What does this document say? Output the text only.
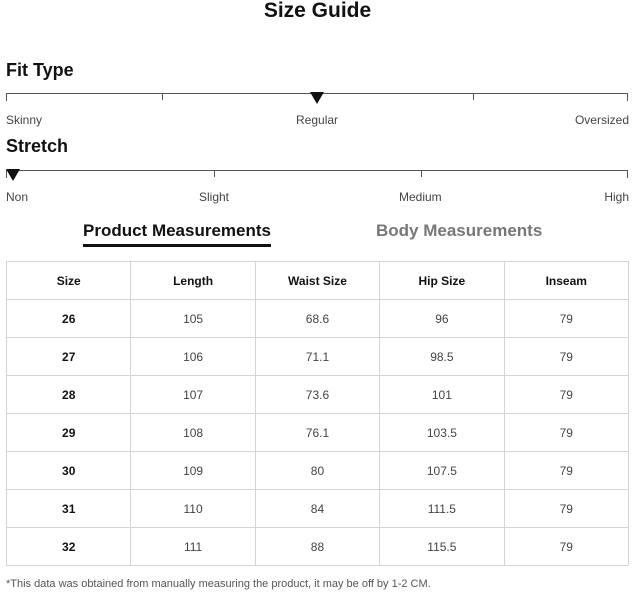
Size Guide
Fit Type
Skinny	Regular	Oversized
Stretch
Non	Slight	Medium	High
Product Measurements	Body Measurements
Size	Length	Waist Size	Hip Size	Inseam
26	105	68.6	96	79
27	106	71.1	98.5	79
28	107	73.6	101	79
29	108	76.1	103.5	79
30	109	80	107.5	79
31	110	84	111.5	79
32	111	88	115.5	79
*This data was obtained from manually measuring the product, it may be off by 1-2 CM.
